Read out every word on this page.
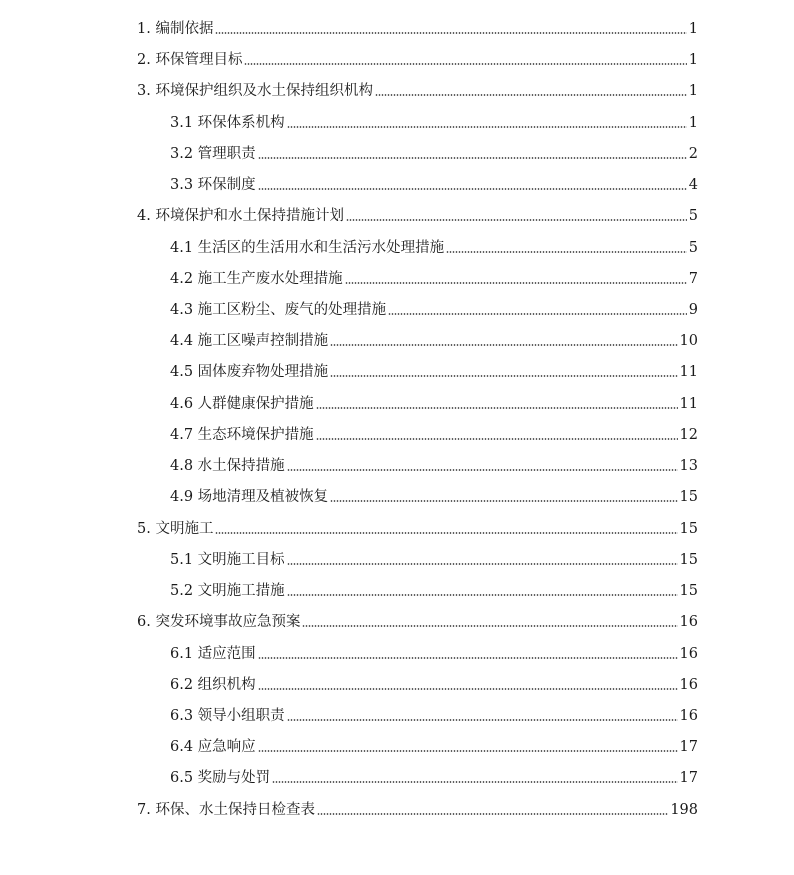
1. 编制依据	1
2. 环保管理目标	1
3. 环境保护组织及水土保持组织机构	1
3.1 环保体系机构	1
3.2 管理职责	2
3.3 环保制度	4
4. 环境保护和水土保持措施计划	5
4.1 生活区的生活用水和生活污水处理措施	5
4.2 施工生产废水处理措施	7
4.3 施工区粉尘、废气的处理措施	9
4.4 施工区噪声控制措施	10
4.5 固体废弃物处理措施	11
4.6 人群健康保护措施	11
4.7 生态环境保护措施	12
4.8 水土保持措施	13
4.9 场地清理及植被恢复	15
5. 文明施工	15
5.1 文明施工目标	15
5.2 文明施工措施	15
6. 突发环境事故应急预案	16
6.1 适应范围	16
6.2 组织机构	16
6.3 领导小组职责	16
6.4 应急响应	17
6.5 奖励与处罚	17
7. 环保、水土保持日检查表	198
